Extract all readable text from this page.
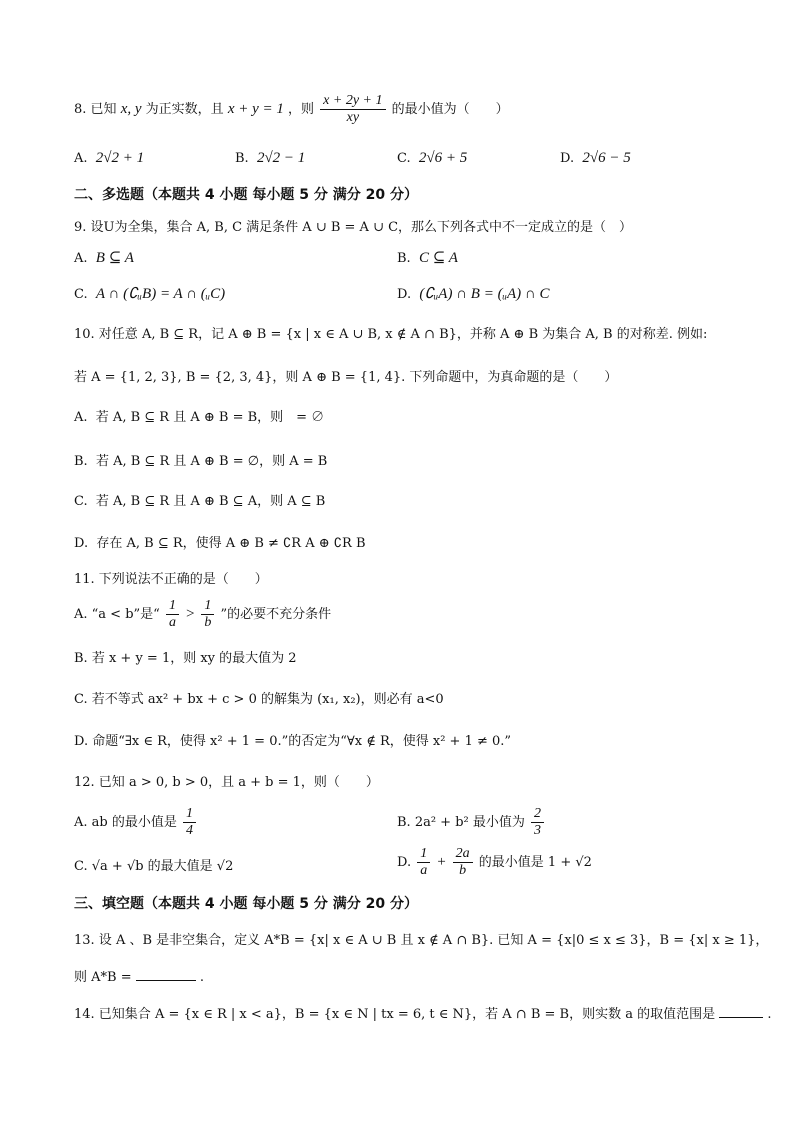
8. 已知 x, y 为正实数，且 x + y = 1 ，则 $\frac{x + 2y + 1}{xy}$ 的最小值为（　　）
A. 2√2 + 1	B. 2√2 − 1	C. 2√6 + 5	D. 2√6 − 5
二、多选题（本题共 4 小题 每小题 5 分 满分 20 分）
9. 设U为全集，集合 A, B, C 满足条件 A ∪ B = A ∪ C，那么下列各式中不一定成立的是（　）
A. B ⊆ A	B. C ⊆ A
C. A ∩ (∁ᵤB) = A ∩ (ᵤC)	D. (∁ᵤA) ∩ B = (ᵤA) ∩ C
10. 对任意 A, B ⊆ R，记 A ⊕ B = {x | x ∈ A ∪ B, x ∉ A ∩ B}，并称 A ⊕ B 为集合 A, B 的对称差. 例如:
若 A = {1, 2, 3}, B = {2, 3, 4}，则 A ⊕ B = {1, 4}. 下列命题中，为真命题的是（　　）
A. 若 A, B ⊆ R 且 A ⊕ B = B，则　= ∅
B. 若 A, B ⊆ R 且 A ⊕ B = ∅，则 A = B
C. 若 A, B ⊆ R 且 A ⊕ B ⊆ A，则 A ⊆ B
D. 存在 A, B ⊆ R，使得 A ⊕ B ≠ ∁R A ⊕ ∁R B
11. 下列说法不正确的是（　　）
A. “a < b”是“ $\frac{1}{a} > \frac{1}{b}$ ”的必要不充分条件
B. 若 x + y = 1，则 xy 的最大值为 2
C. 若不等式 ax² + bx + c > 0 的解集为 (x₁, x₂)，则必有 a<0
D. 命题“∃x ∈ R，使得 x² + 1 = 0.”的否定为“∀x ∉ R，使得 x² + 1 ≠ 0.”
12. 已知 a > 0, b > 0，且 a + b = 1，则（　　）
A. ab 的最小值是 $\frac{1}{4}$	B. 2a² + b² 最小值为 $\frac{2}{3}$
C. √a + √b 的最大值是 √2	D. $\frac{1}{a} + \frac{2a}{b}$ 的最小值是 1 + √2
三、填空题（本题共 4 小题 每小题 5 分 满分 20 分）
13. 设 A 、B 是非空集合，定义 A*B = {x| x ∈ A ∪ B 且 x ∉ A ∩ B}. 已知 A = {x|0 ≤ x ≤ 3}，B = {x| x ≥ 1}，
则 A*B =	.
14. 已知集合 A = {x ∈ R | x < a}，B = {x ∈ N | tx = 6, t ∈ N}，若 A ∩ B = B，则实数 a 的取值范围是	.
